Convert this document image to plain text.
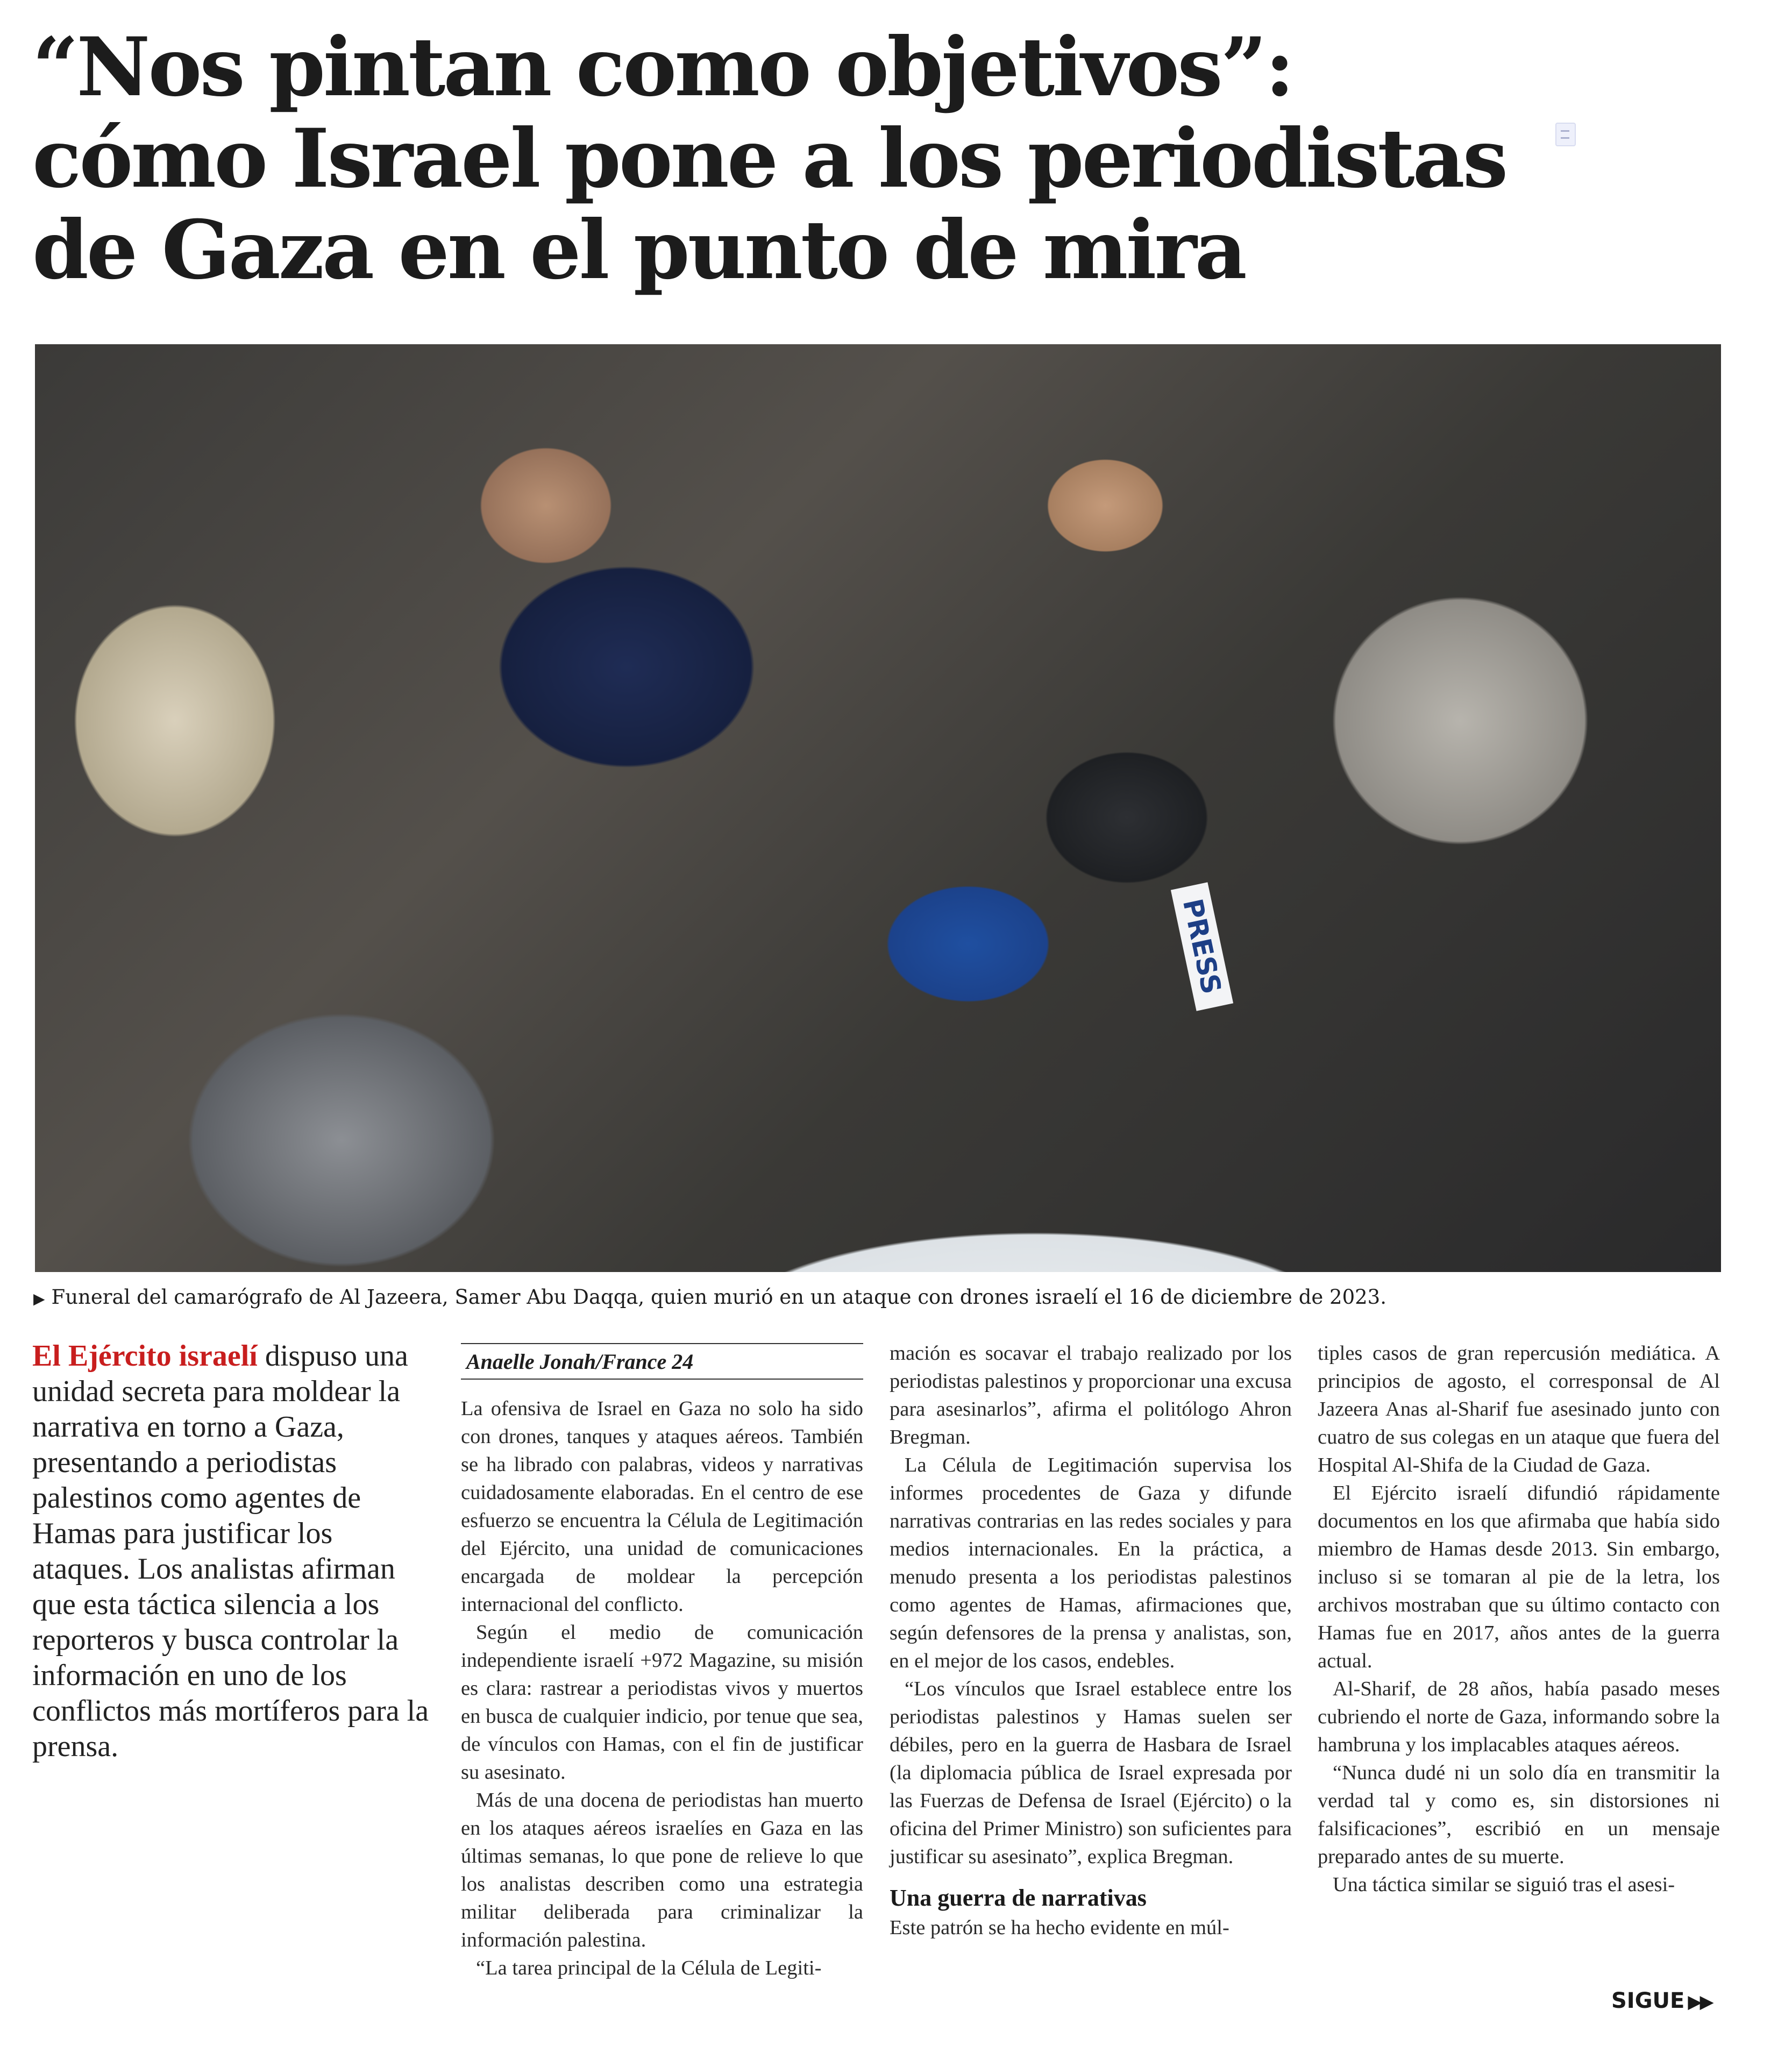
“Nos pintan como objetivos”:
cómo Israel pone a los periodistas
de Gaza en el punto de mira
PRESS
▶ Funeral del camarógrafo de Al Jazeera, Samer Abu Daqqa, quien murió en un ataque con drones israelí el 16 de diciembre de 2023.
El Ejército israelí dispuso una unidad secreta para moldear la narrativa en torno a Gaza, presentando a periodistas palestinos como agentes de Hamas para justificar los ataques. Los analistas afirman que esta táctica silencia a los reporteros y busca controlar la información en uno de los conflictos más mortíferos para la prensa.
Anaelle Jonah/France 24

La ofensiva de Israel en Gaza no solo ha sido con drones, tanques y ataques aéreos. También se ha librado con palabras, videos y narrativas cuidadosamente elaboradas. En el centro de ese esfuerzo se encuentra la Célula de Legitimación del Ejército, una unidad de comunicaciones encargada de moldear la percepción internacional del conflicto.

Según el medio de comunicación independiente israelí +972 Magazine, su misión es clara: rastrear a periodistas vivos y muertos en busca de cualquier indicio, por tenue que sea, de vínculos con Hamas, con el fin de justificar su asesinato.

Más de una docena de periodistas han muerto en los ataques aéreos israelíes en Gaza en las últimas semanas, lo que pone de relieve lo que los analistas describen como una estrategia militar deliberada para criminalizar la información palestina.

“La tarea principal de la Célula de Legiti-

mación es socavar el trabajo realizado por los periodistas palestinos y proporcionar una excusa para asesinarlos”, afirma el politólogo Ahron Bregman.

La Célula de Legitimación supervisa los informes procedentes de Gaza y difunde narrativas contrarias en las redes sociales y para medios internacionales. En la práctica, a menudo presenta a los periodistas palestinos como agentes de Hamas, afirmaciones que, según defensores de la prensa y analistas, son, en el mejor de los casos, endebles.

“Los vínculos que Israel establece entre los periodistas palestinos y Hamas suelen ser débiles, pero en la guerra de Hasbara de Israel (la diplomacia pública de Israel expresada por las Fuerzas de Defensa de Israel (Ejército) o la oficina del Primer Ministro) son suficientes para justificar su asesinato”, explica Bregman.

Una guerra de narrativas

Este patrón se ha hecho evidente en múl-

tiples casos de gran repercusión mediática. A principios de agosto, el corresponsal de Al Jazeera Anas al-Sharif fue asesinado junto con cuatro de sus colegas en un ataque que fuera del Hospital Al-Shifa de la Ciudad de Gaza.

El Ejército israelí difundió rápidamente documentos en los que afirmaba que había sido miembro de Hamas desde 2013. Sin embargo, incluso si se tomaran al pie de la letra, los archivos mostraban que su último contacto con Hamas fue en 2017, años antes de la guerra actual.

Al-Sharif, de 28 años, había pasado meses cubriendo el norte de Gaza, informando sobre la hambruna y los implacables ataques aéreos.

“Nunca dudé ni un solo día en transmitir la verdad tal y como es, sin distorsiones ni falsificaciones”, escribió en un mensaje preparado antes de su muerte.

Una táctica similar se siguió tras el asesi-

SIGUE ▶▶
